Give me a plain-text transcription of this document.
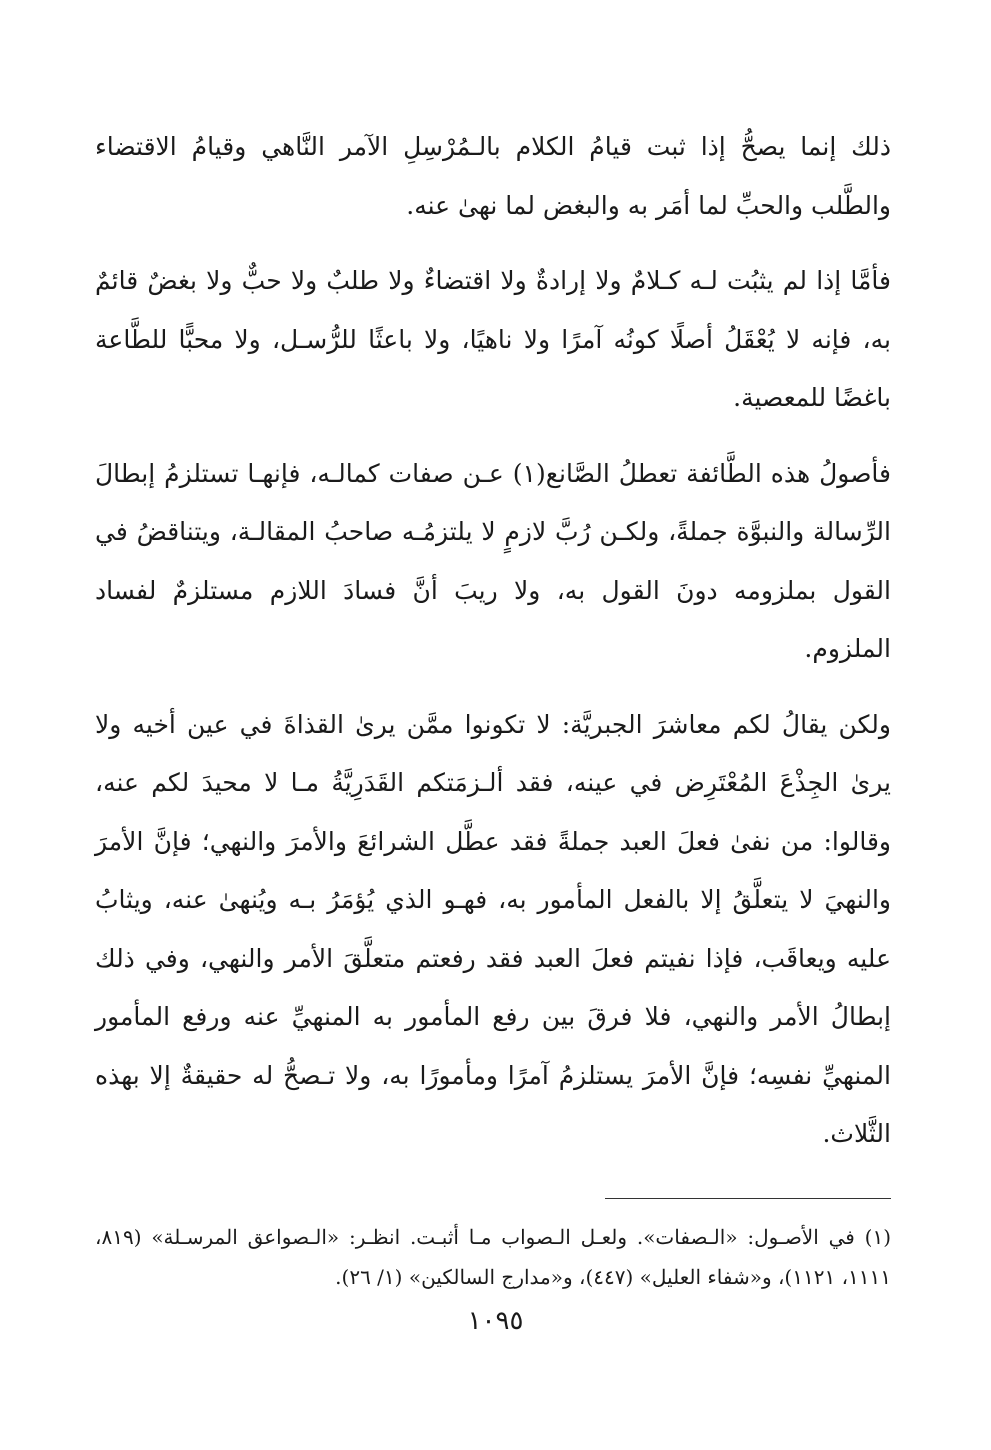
ذلك إنما يصحُّ إذا ثبت قيامُ الكلام بالـمُرْسِلِ الآمر النَّاهي وقيامُ الاقتضاء والطَّلب والحبِّ لما أمَر به والبغض لما نهىٰ عنه.

فأمَّا إذا لم يثبُت لـه كـلامٌ ولا إرادةٌ ولا اقتضاءٌ ولا طلبٌ ولا حبٌّ ولا بغضٌ قائمٌ به، فإنه لا يُعْقَلُ أصلًا كونُه آمرًا ولا ناهيًا، ولا باعثًا للرُّسـل، ولا محبًّا للطَّاعة باغضًا للمعصية.

فأصولُ هذه الطَّائفة تعطلُ الصَّانع(١) عـن صفات كمالـه، فإنهـا تستلزمُ إبطالَ الرِّسالة والنبوَّة جملةً، ولكـن رُبَّ لازمٍ لا يلتزمُـه صاحبُ المقالـة، ويتناقضُ في القول بملزومه دونَ القول به، ولا ريبَ أنَّ فسادَ اللازم مستلزمٌ لفساد الملزوم.

ولكن يقالُ لكم معاشرَ الجبريَّة: لا تكونوا ممَّن يرىٰ القذاةَ في عين أخيه ولا يرىٰ الجِذْعَ المُعْتَرِض في عينه، فقد ألـزمَتكم القَدَرِيَّةُ مـا لا محيدَ لكم عنه، وقالوا: من نفىٰ فعلَ العبد جملةً فقد عطَّل الشرائعَ والأمرَ والنهي؛ فإنَّ الأمرَ والنهيَ لا يتعلَّقُ إلا بالفعل المأمور به، فهـو الذي يُؤمَرُ بـه ويُنهىٰ عنه، ويثابُ عليه ويعاقَب، فإذا نفيتم فعلَ العبد فقد رفعتم متعلَّقَ الأمر والنهي، وفي ذلك إبطالُ الأمر والنهي، فلا فرقَ بين رفع المأمور به المنهيِّ عنه ورفع المأمور المنهيِّ نفسِه؛ فإنَّ الأمرَ يستلزمُ آمرًا ومأمورًا به، ولا تـصحُّ له حقيقةٌ إلا بهذه الثَّلاث.

(١) في الأصـول: «الـصفات». ولعـل الـصواب مـا أثبـت. انظـر: «الـصواعق المرسـلة» (٨١٩، ١١١١، ١١٢١)، و«شفاء العليل» (٤٤٧)، و«مدارج السالكين» (١/ ٢٦).

١٠٩٥
